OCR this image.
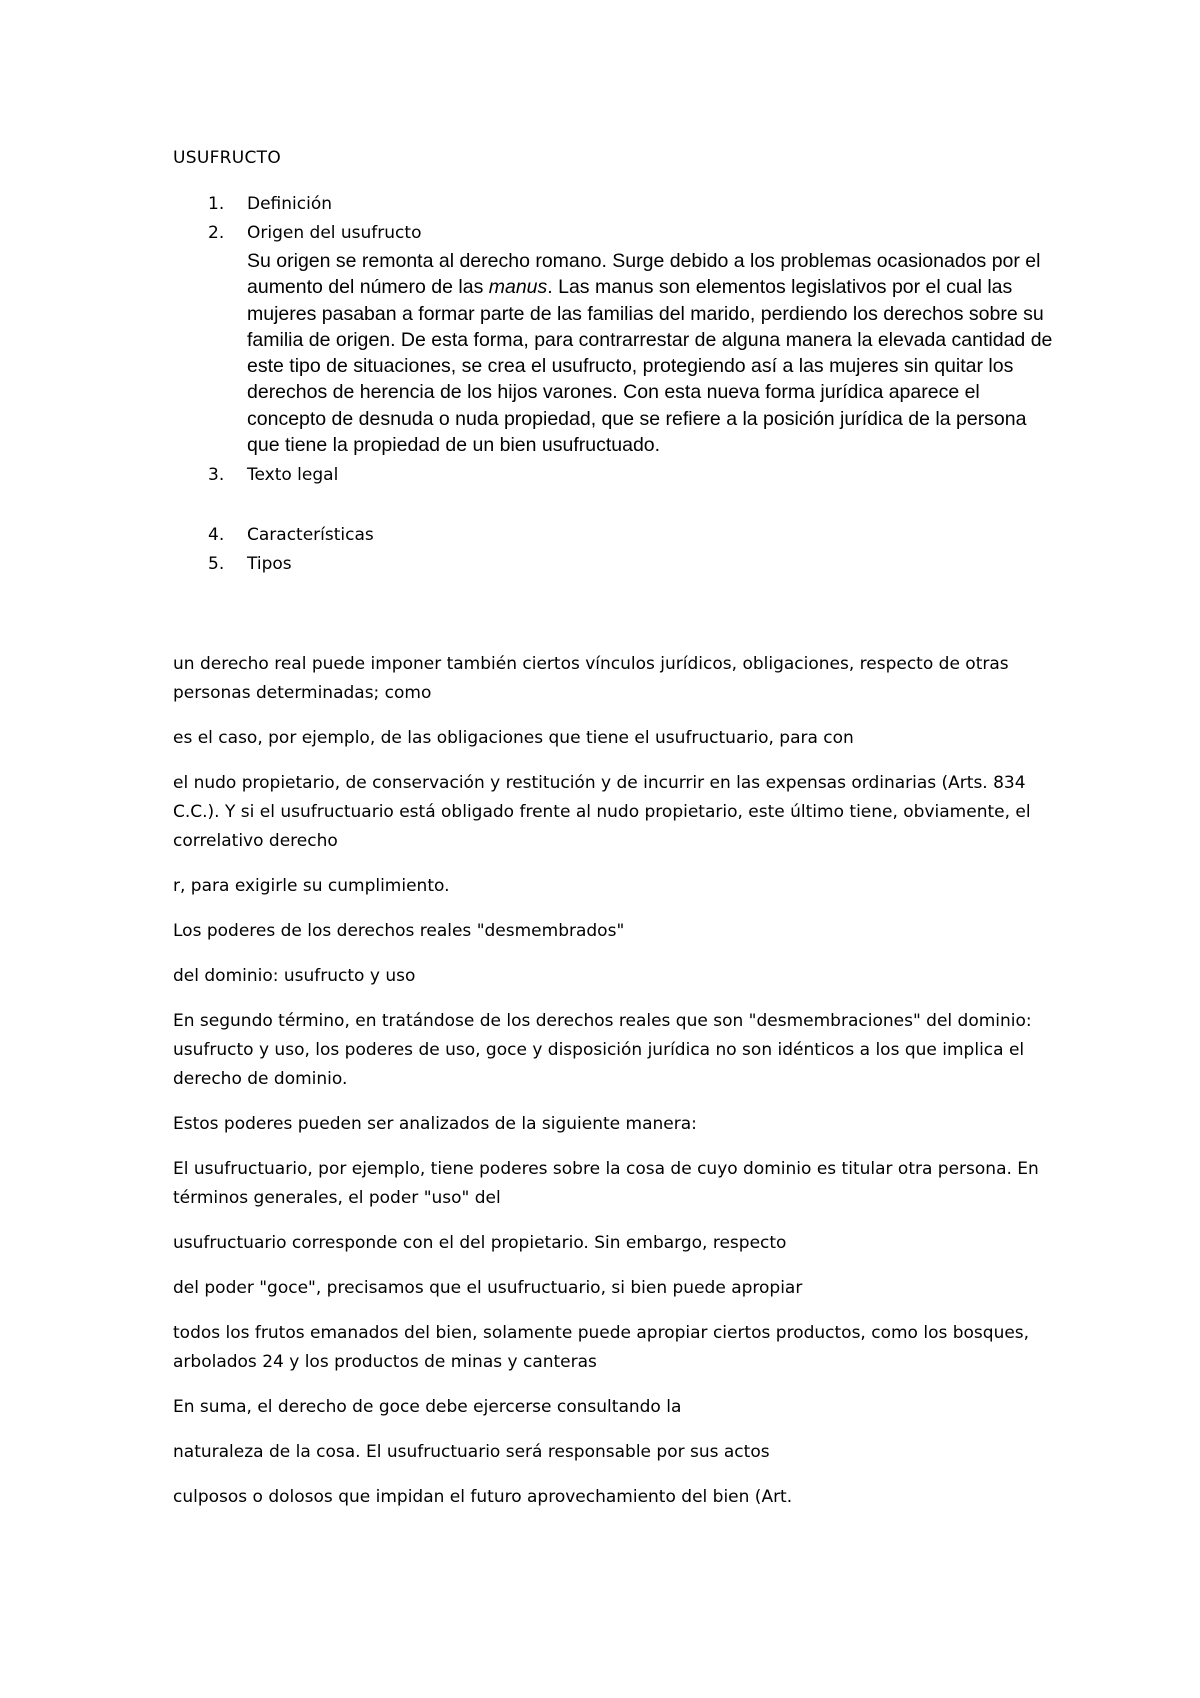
USUFRUCTO
1. Definición
2. Origen del usufructo
Su origen se remonta al derecho romano. Surge debido a los problemas ocasionados por el aumento del número de las manus. Las manus son elementos legislativos por el cual las mujeres pasaban a formar parte de las familias del marido, perdiendo los derechos sobre su familia de origen. De esta forma, para contrarrestar de alguna manera la elevada cantidad de este tipo de situaciones, se crea el usufructo, protegiendo así a las mujeres sin quitar los derechos de herencia de los hijos varones. Con esta nueva forma jurídica aparece el concepto de desnuda o nuda propiedad, que se refiere a la posición jurídica de la persona que tiene la propiedad de un bien usufructuado.
3. Texto legal
4. Características
5. Tipos

un derecho real puede imponer también ciertos vínculos jurídicos, obligaciones, respecto de otras personas determinadas; como

es el caso, por ejemplo, de las obligaciones que tiene el usufructuario, para con

el nudo propietario, de conservación y restitución y de incurrir en las expensas ordinarias (Arts. 834 C.C.). Y si el usufructuario está obligado frente al nudo propietario, este último tiene, obviamente, el correlativo derecho

r, para exigirle su cumplimiento.

Los poderes de los derechos reales "desmembrados"

del dominio: usufructo y uso

En segundo término, en tratándose de los derechos reales que son "desmembraciones" del dominio: usufructo y uso, los poderes de uso, goce y disposición jurídica no son idénticos a los que implica el derecho de dominio.

Estos poderes pueden ser analizados de la siguiente manera:

El usufructuario, por ejemplo, tiene poderes sobre la cosa de cuyo dominio es titular otra persona. En términos generales, el poder "uso" del

usufructuario corresponde con el del propietario. Sin embargo, respecto

del poder "goce", precisamos que el usufructuario, si bien puede apropiar

todos los frutos emanados del bien, solamente puede apropiar ciertos productos, como los bosques, arbolados 24 y los productos de minas y canteras

En suma, el derecho de goce debe ejercerse consultando la

naturaleza de la cosa. El usufructuario será responsable por sus actos

culposos o dolosos que impidan el futuro aprovechamiento del bien (Art.
